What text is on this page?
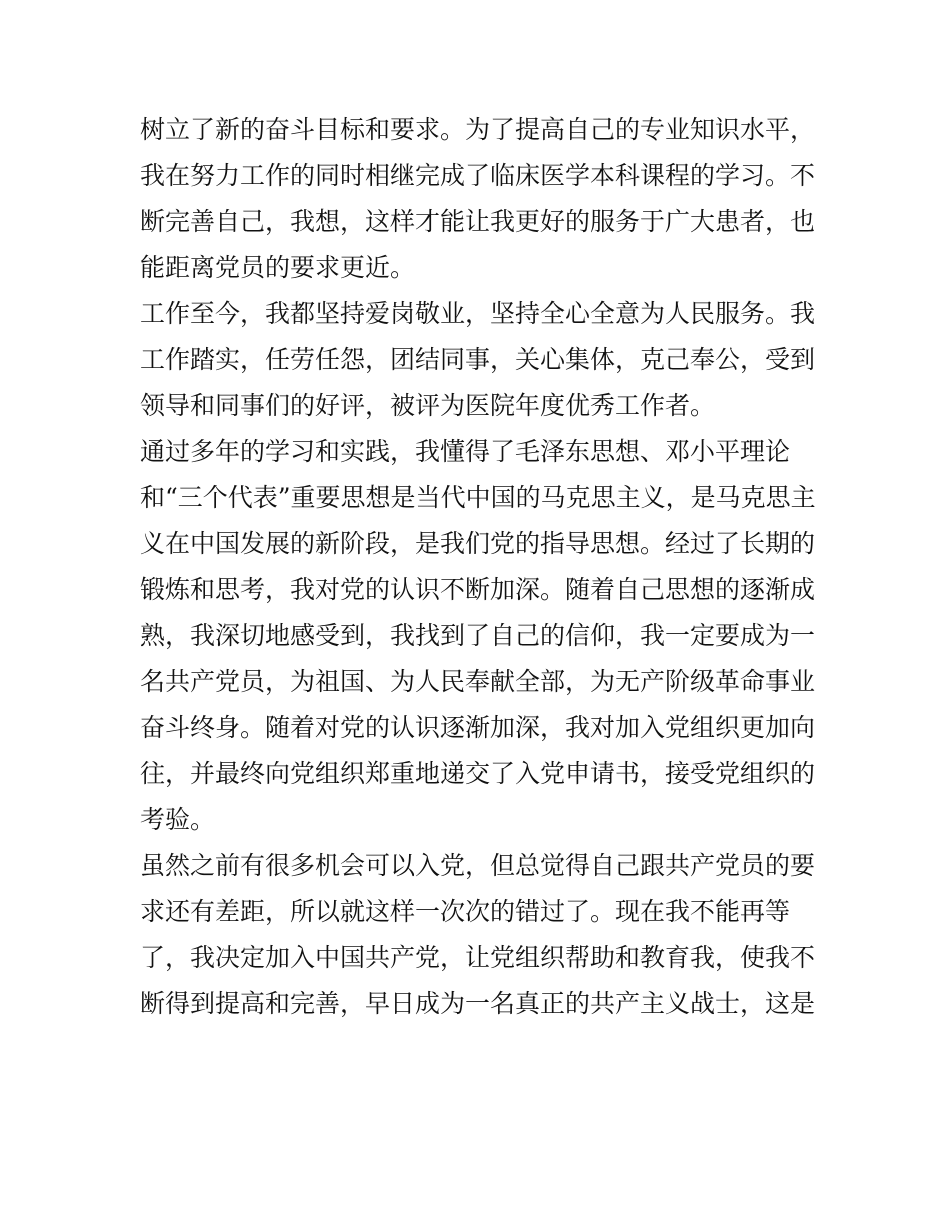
树立了新的奋斗目标和要求。为了提高自己的专业知识水平，
我在努力工作的同时相继完成了临床医学本科课程的学习。不
断完善自己，我想，这样才能让我更好的服务于广大患者，也
能距离党员的要求更近。
工作至今，我都坚持爱岗敬业，坚持全心全意为人民服务。我
工作踏实，任劳任怨，团结同事，关心集体，克己奉公，受到
领导和同事们的好评，被评为医院年度优秀工作者。
通过多年的学习和实践，我懂得了毛泽东思想、邓小平理论
和“三个代表”重要思想是当代中国的马克思主义，是马克思主
义在中国发展的新阶段，是我们党的指导思想。经过了长期的
锻炼和思考，我对党的认识不断加深。随着自己思想的逐渐成
熟，我深切地感受到，我找到了自己的信仰，我一定要成为一
名共产党员，为祖国、为人民奉献全部，为无产阶级革命事业
奋斗终身。随着对党的认识逐渐加深，我对加入党组织更加向
往，并最终向党组织郑重地递交了入党申请书，接受党组织的
考验。
虽然之前有很多机会可以入党，但总觉得自己跟共产党员的要
求还有差距，所以就这样一次次的错过了。现在我不能再等
了，我决定加入中国共产党，让党组织帮助和教育我，使我不
断得到提高和完善，早日成为一名真正的共产主义战士，这是
